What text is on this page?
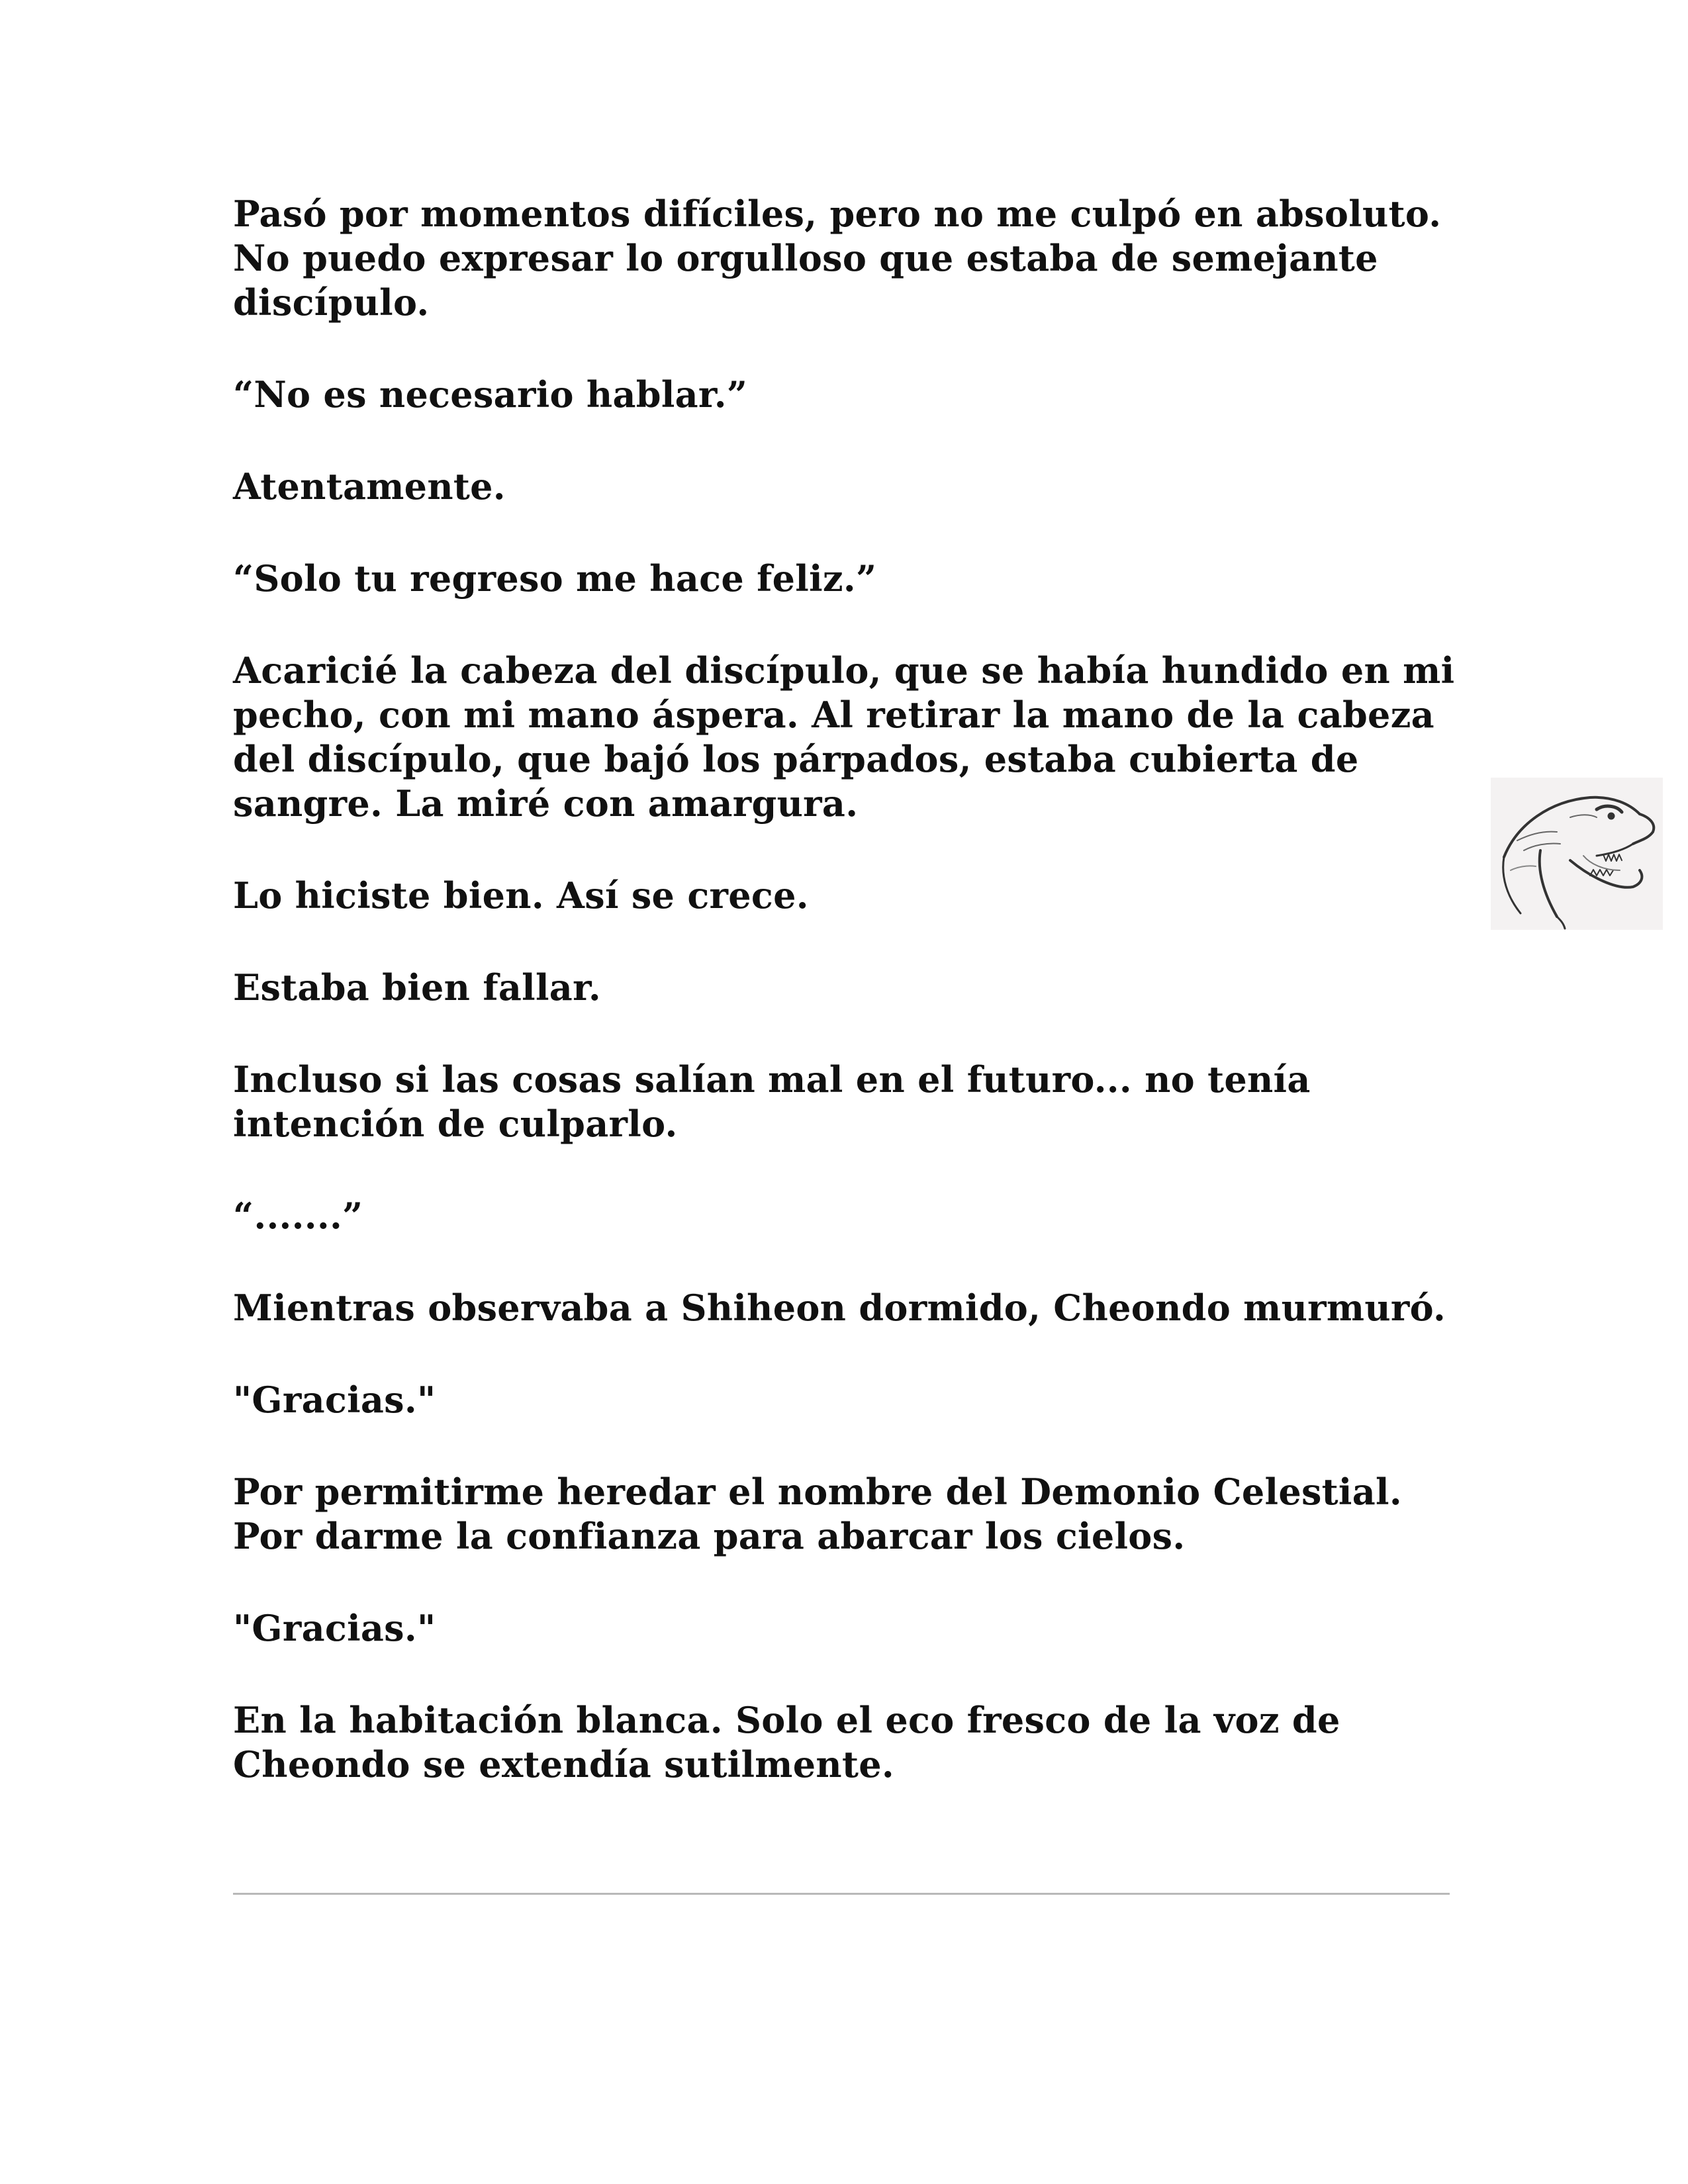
Pasó por momentos difíciles, pero no me culpó en absoluto.
No puedo expresar lo orgulloso que estaba de semejante
discípulo.

“No es necesario hablar.”

Atentamente.

“Solo tu regreso me hace feliz.”

Acaricié la cabeza del discípulo, que se había hundido en mi
pecho, con mi mano áspera. Al retirar la mano de la cabeza
del discípulo, que bajó los párpados, estaba cubierta de
sangre. La miré con amargura.

Lo hiciste bien. Así se crece.

Estaba bien fallar.

Incluso si las cosas salían mal en el futuro... no tenía
intención de culparlo.

“.......”

Mientras observaba a Shiheon dormido, Cheondo murmuró.

"Gracias."

Por permitirme heredar el nombre del Demonio Celestial.
Por darme la confianza para abarcar los cielos.

"Gracias."

En la habitación blanca. Solo el eco fresco de la voz de
Cheondo se extendía sutilmente.
